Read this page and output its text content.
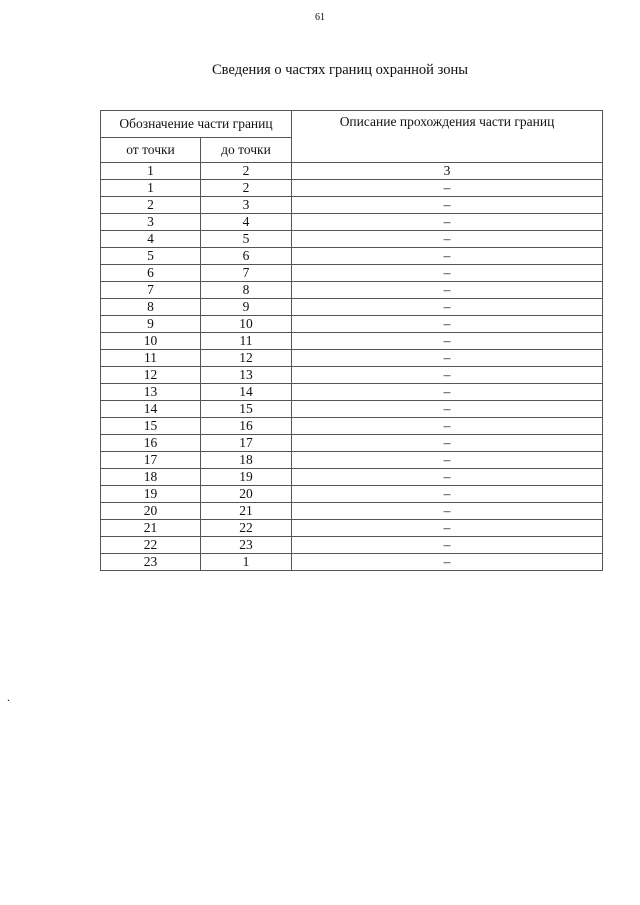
61
Сведения о частях границ охранной зоны
Обозначение части границ		Описание прохождения части границ
от точки	до точки	
1	2	3
1	2	–
2	3	–
3	4	–
4	5	–
5	6	–
6	7	–
7	8	–
8	9	–
9	10	–
10	11	–
11	12	–
12	13	–
13	14	–
14	15	–
15	16	–
16	17	–
17	18	–
18	19	–
19	20	–
20	21	–
21	22	–
22	23	–
23	1	–
.
